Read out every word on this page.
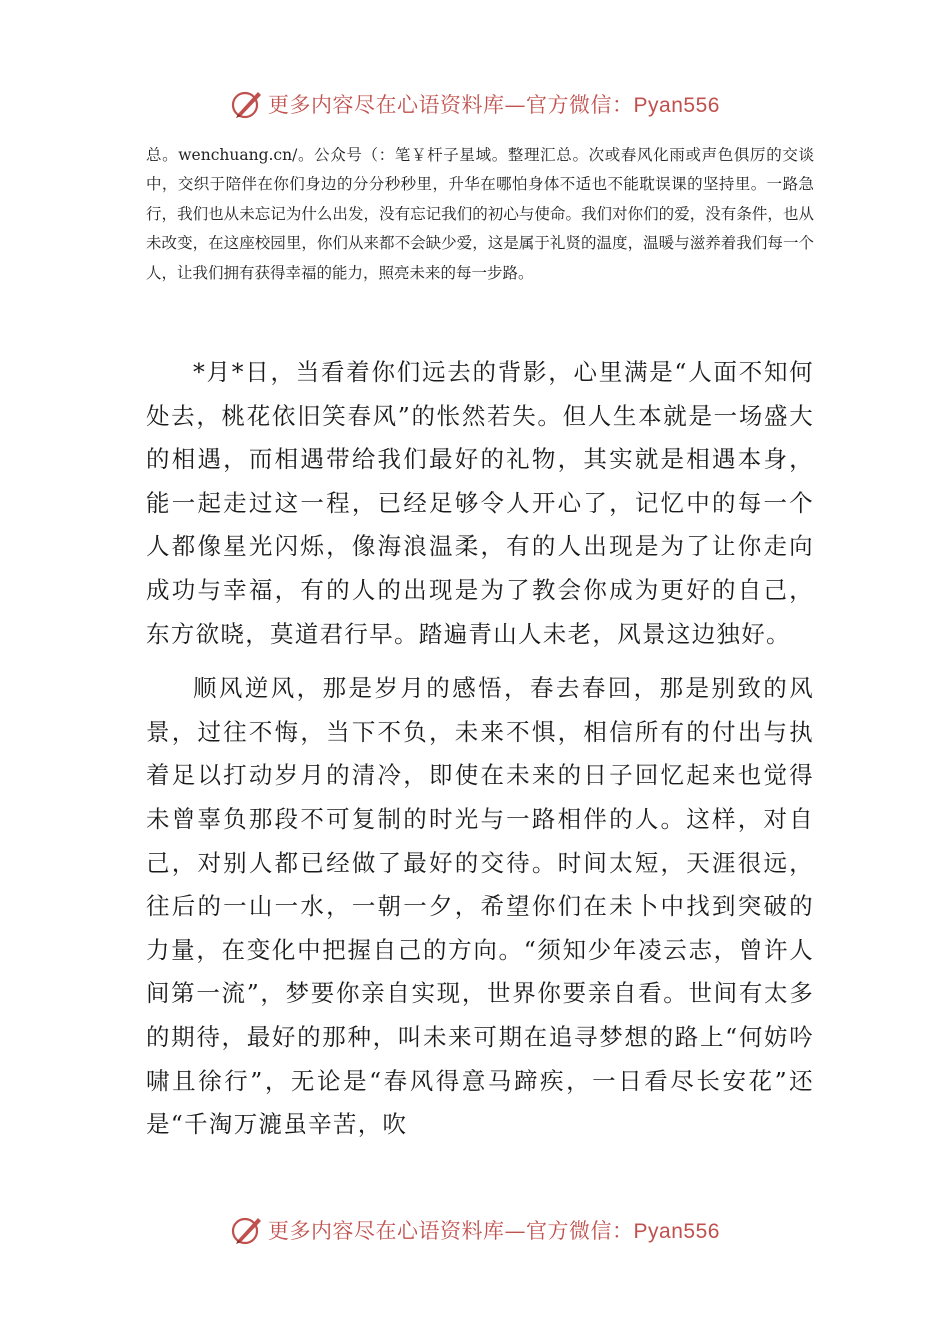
更多内容尽在心语资料库—官方微信：Pyan556

总。wenchuang.cn/。公众号（：笔￥杆子星域。整理汇总。次或春风化雨或声色俱厉的交谈中，交织于陪伴在你们身边的分分秒秒里，升华在哪怕身体不适也不能耽误课的坚持里。一路急行，我们也从未忘记为什么出发，没有忘记我们的初心与使命。我们对你们的爱，没有条件，也从未改变，在这座校园里，你们从来都不会缺少爱，这是属于礼贤的温度，温暖与滋养着我们每一个人，让我们拥有获得幸福的能力，照亮未来的每一步路。

*月*日，当看着你们远去的背影，心里满是“人面不知何处去，桃花依旧笑春风”的怅然若失。但人生本就是一场盛大的相遇，而相遇带给我们最好的礼物，其实就是相遇本身，能一起走过这一程，已经足够令人开心了，记忆中的每一个人都像星光闪烁，像海浪温柔，有的人出现是为了让你走向成功与幸福，有的人的出现是为了教会你成为更好的自己，东方欲晓，莫道君行早。踏遍青山人未老，风景这边独好。

顺风逆风，那是岁月的感悟，春去春回，那是别致的风景，过往不悔，当下不负，未来不惧，相信所有的付出与执着足以打动岁月的清冷，即使在未来的日子回忆起来也觉得未曾辜负那段不可复制的时光与一路相伴的人。这样，对自己，对别人都已经做了最好的交待。时间太短，天涯很远，往后的一山一水，一朝一夕，希望你们在未卜中找到突破的力量，在变化中把握自己的方向。“须知少年凌云志，曾许人间第一流”，梦要你亲自实现，世界你要亲自看。世间有太多的期待，最好的那种，叫未来可期在追寻梦想的路上“何妨吟啸且徐行”，无论是“春风得意马蹄疾，一日看尽长安花”还是“千淘万漉虽辛苦，吹

更多内容尽在心语资料库—官方微信：Pyan556
